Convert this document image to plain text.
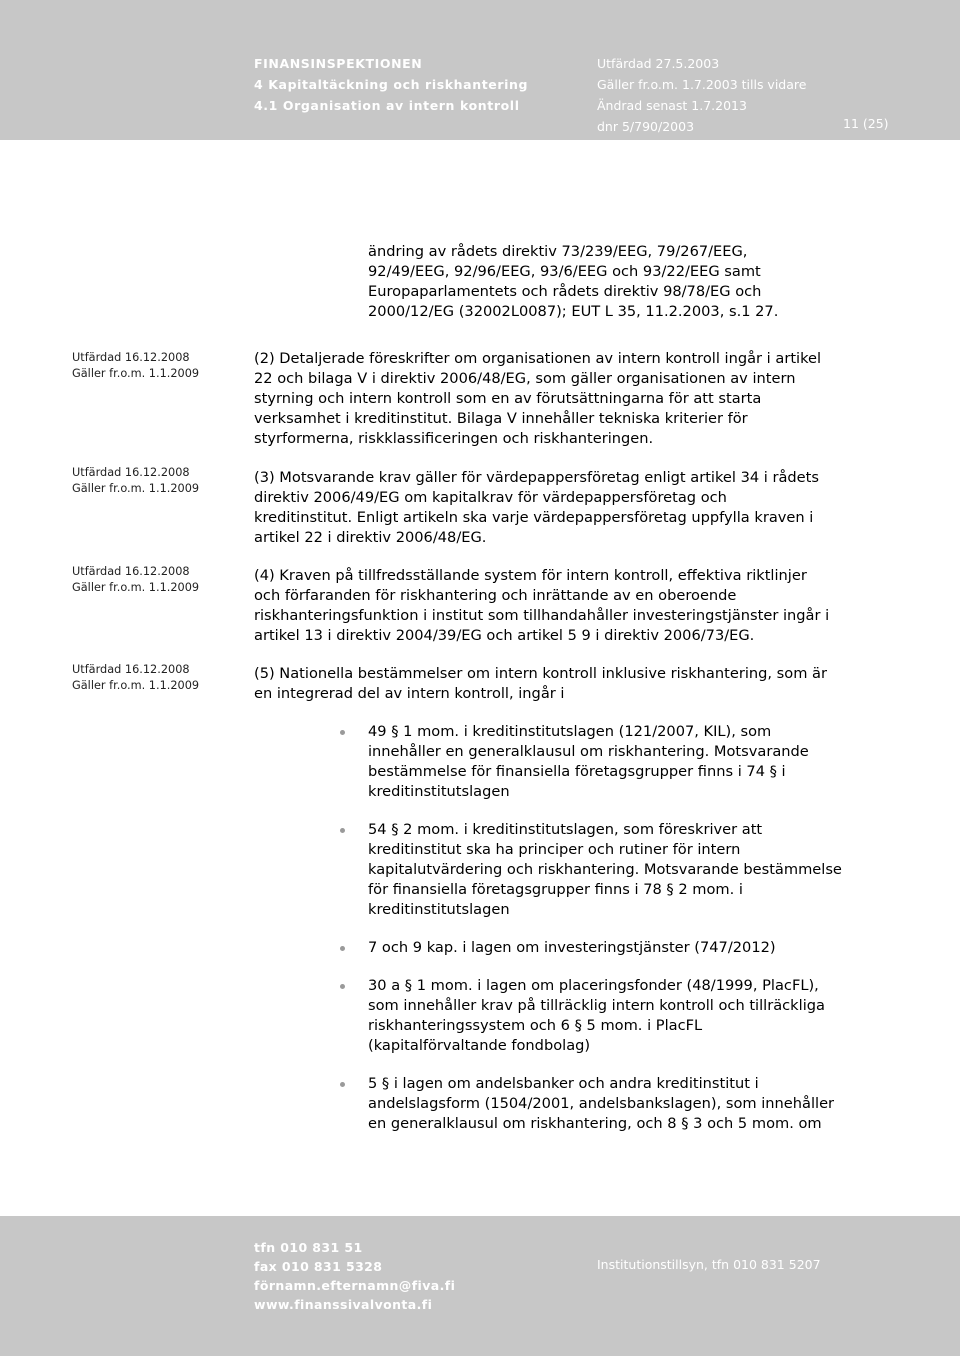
FINANSINSPEKTIONEN
4 Kapitaltäckning och riskhantering
4.1 Organisation av intern kontroll
Utfärdad 27.5.2003
Gäller fr.o.m. 1.7.2003 tills vidare
Ändrad senast 1.7.2013
dnr 5/790/2003	11 (25)
ändring av rådets direktiv 73/239/EEG, 79/267/EEG,
92/49/EEG, 92/96/EEG, 93/6/EEG och 93/22/EEG samt
Europaparlamentets och rådets direktiv 98/78/EG och
2000/12/EG (32002L0087); EUT L 35, 11.2.2003, s.1 27.
Utfärdad 16.12.2008
Gäller fr.o.m. 1.1.2009
Utfärdad 16.12.2008
Gäller fr.o.m. 1.1.2009
Utfärdad 16.12.2008
Gäller fr.o.m. 1.1.2009
Utfärdad 16.12.2008
Gäller fr.o.m. 1.1.2009
(2) Detaljerade föreskrifter om organisationen av intern kontroll ingår i artikel
22 och bilaga V i direktiv 2006/48/EG, som gäller organisationen av intern
styrning och intern kontroll som en av förutsättningarna för att starta
verksamhet i kreditinstitut. Bilaga V innehåller tekniska kriterier för
styrformerna, riskklassificeringen och riskhanteringen.
(3) Motsvarande krav gäller för värdepappersföretag enligt artikel 34 i rådets
direktiv 2006/49/EG om kapitalkrav för värdepappersföretag och
kreditinstitut. Enligt artikeln ska varje värdepappersföretag uppfylla kraven i
artikel 22 i direktiv 2006/48/EG.
(4) Kraven på tillfredsställande system för intern kontroll, effektiva riktlinjer
och förfaranden för riskhantering och inrättande av en oberoende
riskhanteringsfunktion i institut som tillhandahåller investeringstjänster ingår i
artikel 13 i direktiv 2004/39/EG och artikel 5 9 i direktiv 2006/73/EG.
(5) Nationella bestämmelser om intern kontroll inklusive riskhantering, som är
en integrerad del av intern kontroll, ingår i
49 § 1 mom. i kreditinstitutslagen (121/2007, KIL), som
innehåller en generalklausul om riskhantering. Motsvarande
bestämmelse för finansiella företagsgrupper finns i 74 § i
kreditinstitutslagen
54 § 2 mom. i kreditinstitutslagen, som föreskriver att
kreditinstitut ska ha principer och rutiner för intern
kapitalutvärdering och riskhantering. Motsvarande bestämmelse
för finansiella företagsgrupper finns i 78 § 2 mom. i
kreditinstitutslagen
7 och 9 kap. i lagen om investeringstjänster (747/2012)
30 a § 1 mom. i lagen om placeringsfonder (48/1999, PlacFL),
som innehåller krav på tillräcklig intern kontroll och tillräckliga
riskhanteringssystem och 6 § 5 mom. i PlacFL
(kapitalförvaltande fondbolag)
5 § i lagen om andelsbanker och andra kreditinstitut i
andelslagsform (1504/2001, andelsbankslagen), som innehåller
en generalklausul om riskhantering, och 8 § 3 och 5 mom. om
tfn 010 831 51
fax 010 831 5328
förnamn.efternamn@fiva.fi
www.finanssivalvonta.fi
Institutionstillsyn, tfn 010 831 5207
